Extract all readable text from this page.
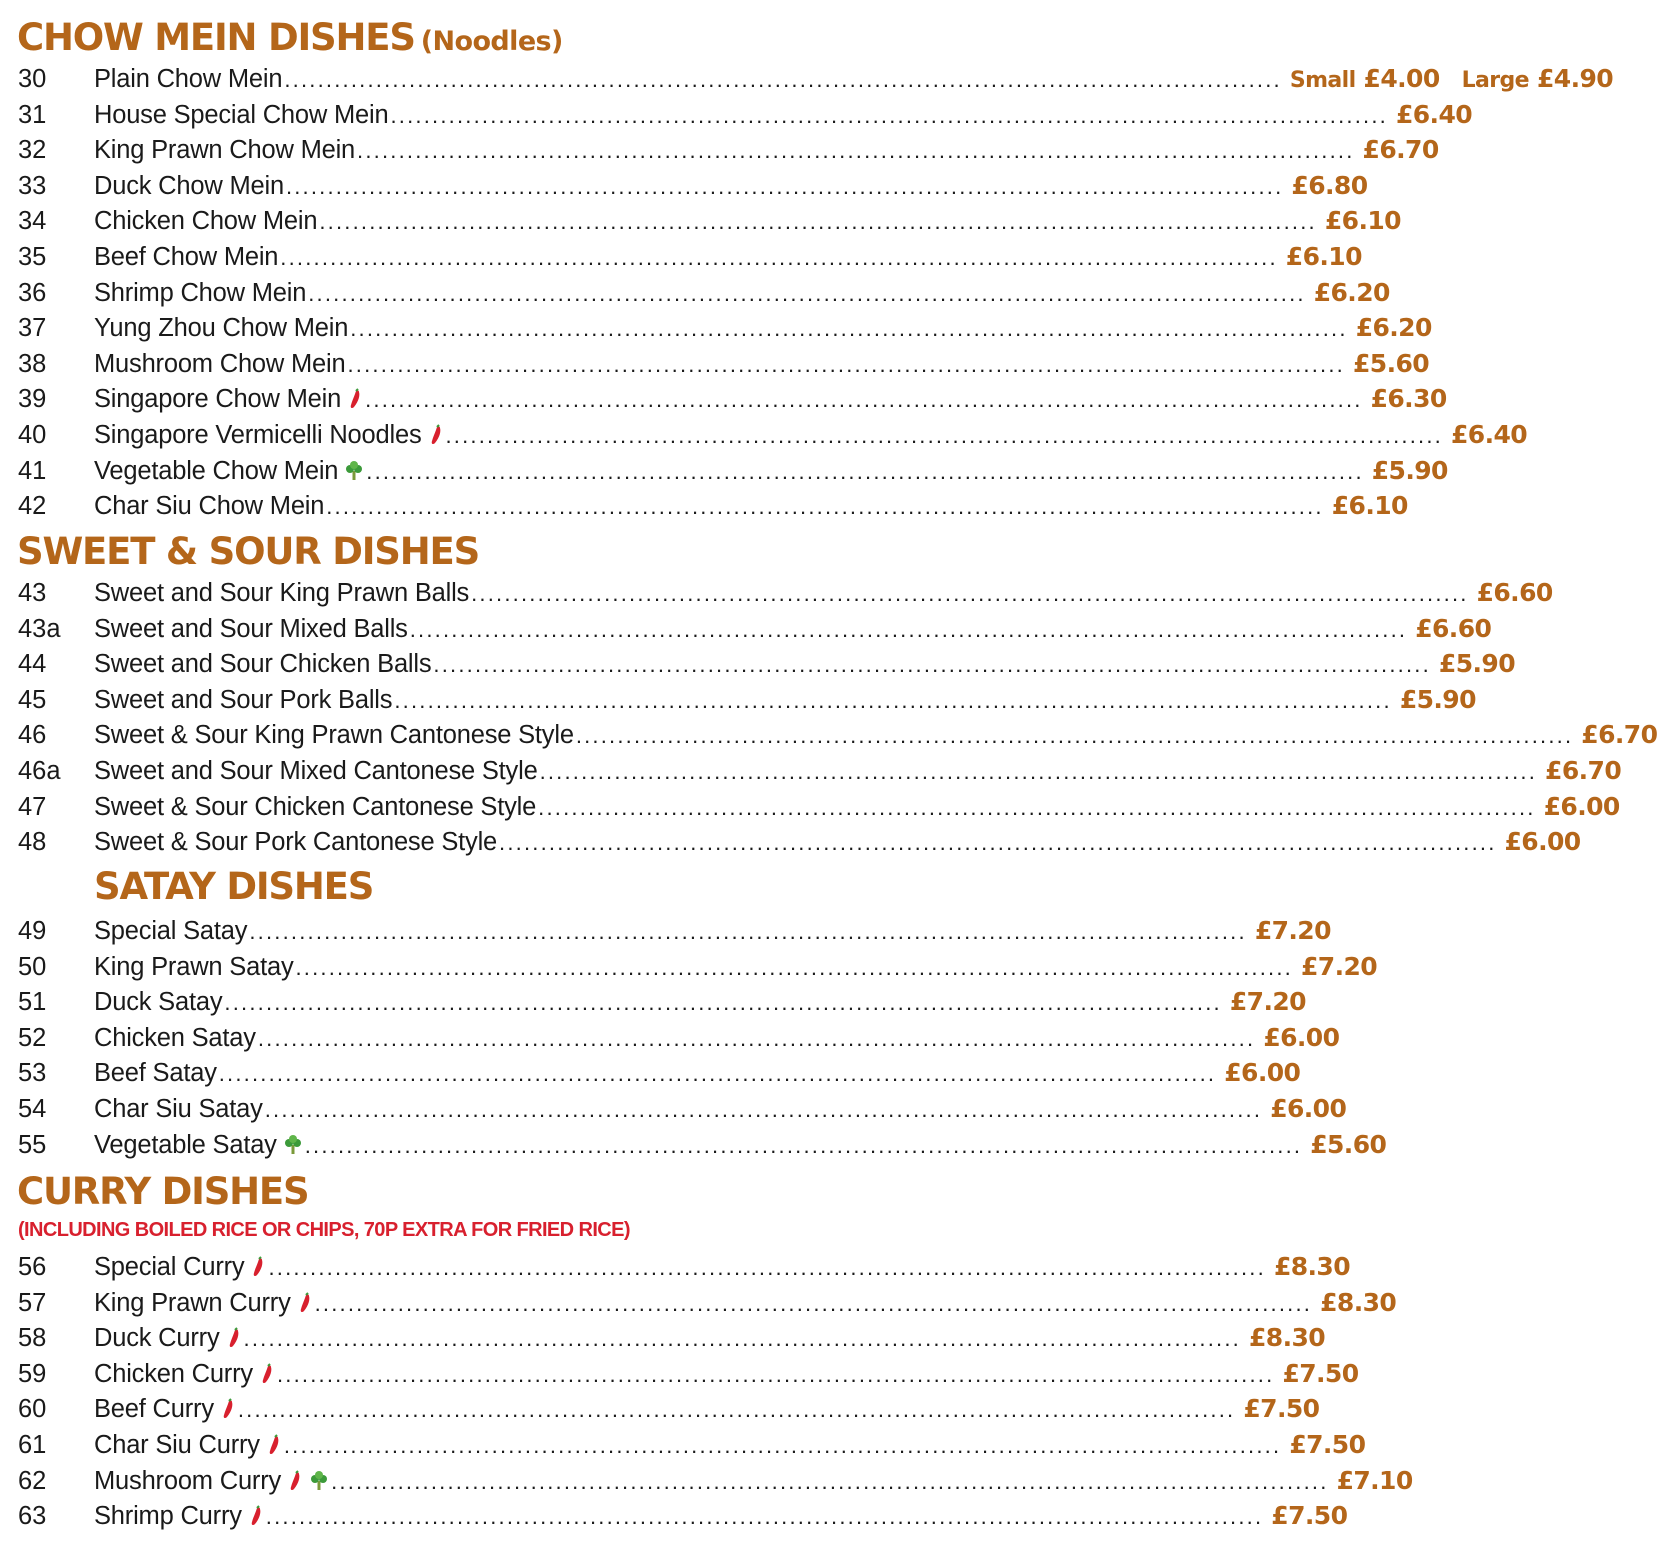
CHOW MEIN DISHES (Noodles)
30 Plain Chow Mein ........................................................................................................................ Small £4.00 Large £4.90
31 House Special Chow Mein ........................................................................................................................ £6.40
32 King Prawn Chow Mein ........................................................................................................................ £6.70
33 Duck Chow Mein ........................................................................................................................ £6.80
34 Chicken Chow Mein ........................................................................................................................ £6.10
35 Beef Chow Mein ........................................................................................................................ £6.10
36 Shrimp Chow Mein ........................................................................................................................ £6.20
37 Yung Zhou Chow Mein ........................................................................................................................ £6.20
38 Mushroom Chow Mein ........................................................................................................................ £5.60
39 Singapore Chow Mein ........................................................................................................................ £6.30
40 Singapore Vermicelli Noodles ........................................................................................................................ £6.40
41 Vegetable Chow Mein ........................................................................................................................ £5.90
42 Char Siu Chow Mein ........................................................................................................................ £6.10
SWEET & SOUR DISHES
43 Sweet and Sour King Prawn Balls ........................................................................................................................ £6.60
43a Sweet and Sour Mixed Balls ........................................................................................................................ £6.60
44 Sweet and Sour Chicken Balls ........................................................................................................................ £5.90
45 Sweet and Sour Pork Balls ........................................................................................................................ £5.90
46 Sweet & Sour King Prawn Cantonese Style ........................................................................................................................ £6.70
46a Sweet and Sour Mixed Cantonese Style ........................................................................................................................ £6.70
47 Sweet & Sour Chicken Cantonese Style ........................................................................................................................ £6.00
48 Sweet & Sour Pork Cantonese Style ........................................................................................................................ £6.00
SATAY DISHES
49 Special Satay ........................................................................................................................ £7.20
50 King Prawn Satay ........................................................................................................................ £7.20
51 Duck Satay ........................................................................................................................ £7.20
52 Chicken Satay ........................................................................................................................ £6.00
53 Beef Satay ........................................................................................................................ £6.00
54 Char Siu Satay ........................................................................................................................ £6.00
55 Vegetable Satay ........................................................................................................................ £5.60
CURRY DISHES
(INCLUDING BOILED RICE OR CHIPS, 70P EXTRA FOR FRIED RICE)
56 Special Curry ........................................................................................................................ £8.30
57 King Prawn Curry ........................................................................................................................ £8.30
58 Duck Curry ........................................................................................................................ £8.30
59 Chicken Curry ........................................................................................................................ £7.50
60 Beef Curry ........................................................................................................................ £7.50
61 Char Siu Curry ........................................................................................................................ £7.50
62 Mushroom Curry ........................................................................................................................ £7.10
63 Shrimp Curry ........................................................................................................................ £7.50
